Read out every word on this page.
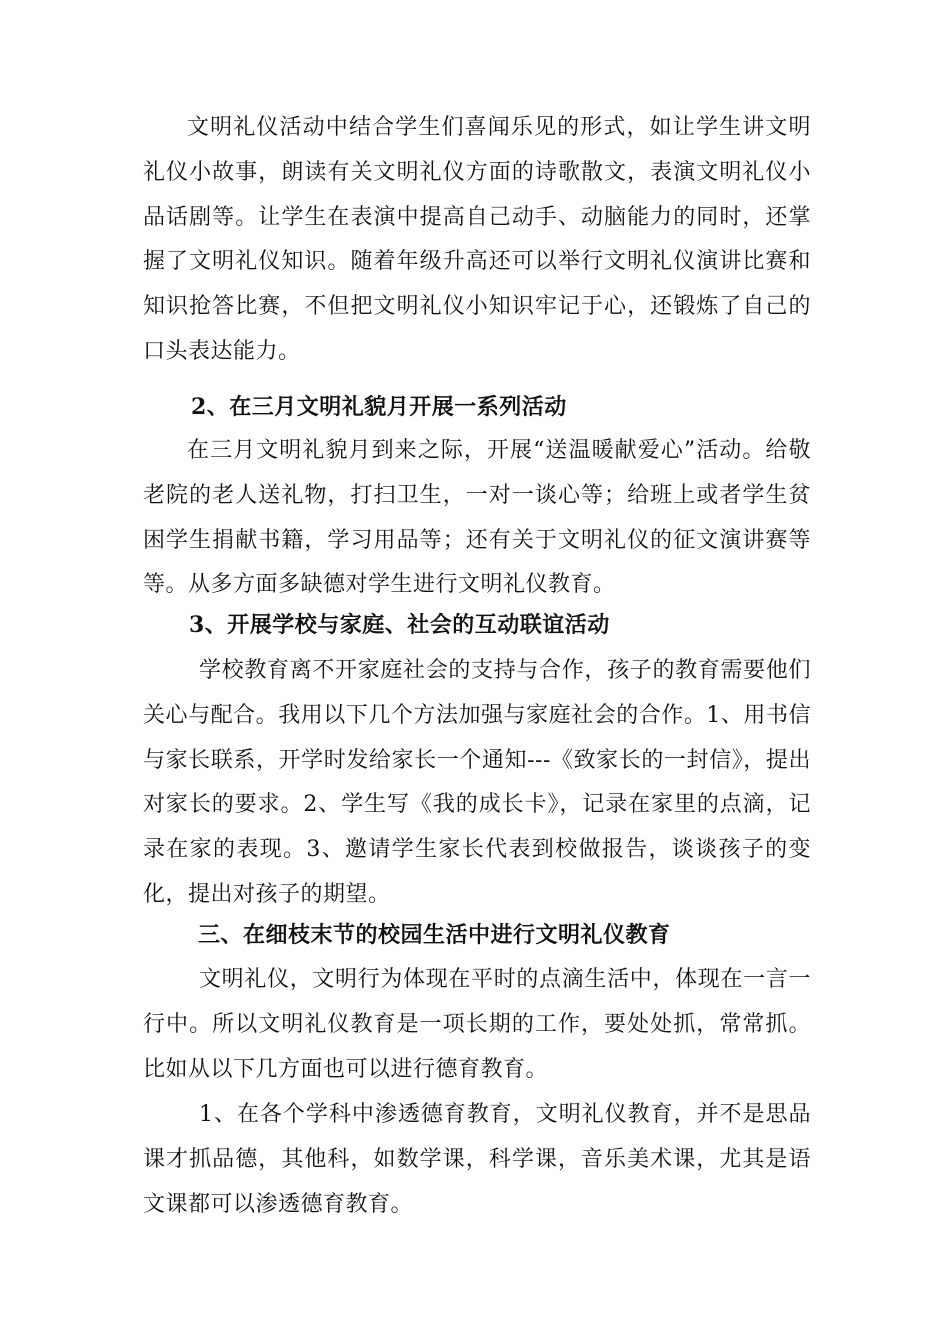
文明礼仪活动中结合学生们喜闻乐见的形式，如让学生讲文明礼仪小故事，朗读有关文明礼仪方面的诗歌散文，表演文明礼仪小品话剧等。让学生在表演中提高自己动手、动脑能力的同时，还掌握了文明礼仪知识。随着年级升高还可以举行文明礼仪演讲比赛和知识抢答比赛，不但把文明礼仪小知识牢记于心，还锻炼了自己的口头表达能力。

2、在三月文明礼貌月开展一系列活动

在三月文明礼貌月到来之际，开展“送温暖献爱心”活动。给敬老院的老人送礼物，打扫卫生，一对一谈心等；给班上或者学生贫困学生捐献书籍，学习用品等；还有关于文明礼仪的征文演讲赛等等。从多方面多缺德对学生进行文明礼仪教育。

3、开展学校与家庭、社会的互动联谊活动

学校教育离不开家庭社会的支持与合作，孩子的教育需要他们关心与配合。我用以下几个方法加强与家庭社会的合作。1、用书信与家长联系，开学时发给家长一个通知---《致家长的一封信》，提出对家长的要求。2、学生写《我的成长卡》，记录在家里的点滴，记录在家的表现。3、邀请学生家长代表到校做报告，谈谈孩子的变化，提出对孩子的期望。

三、在细枝末节的校园生活中进行文明礼仪教育

文明礼仪，文明行为体现在平时的点滴生活中，体现在一言一行中。所以文明礼仪教育是一项长期的工作，要处处抓，常常抓。比如从以下几方面也可以进行德育教育。

1、在各个学科中渗透德育教育，文明礼仪教育，并不是思品课才抓品德，其他科，如数学课，科学课，音乐美术课，尤其是语文课都可以渗透德育教育。
